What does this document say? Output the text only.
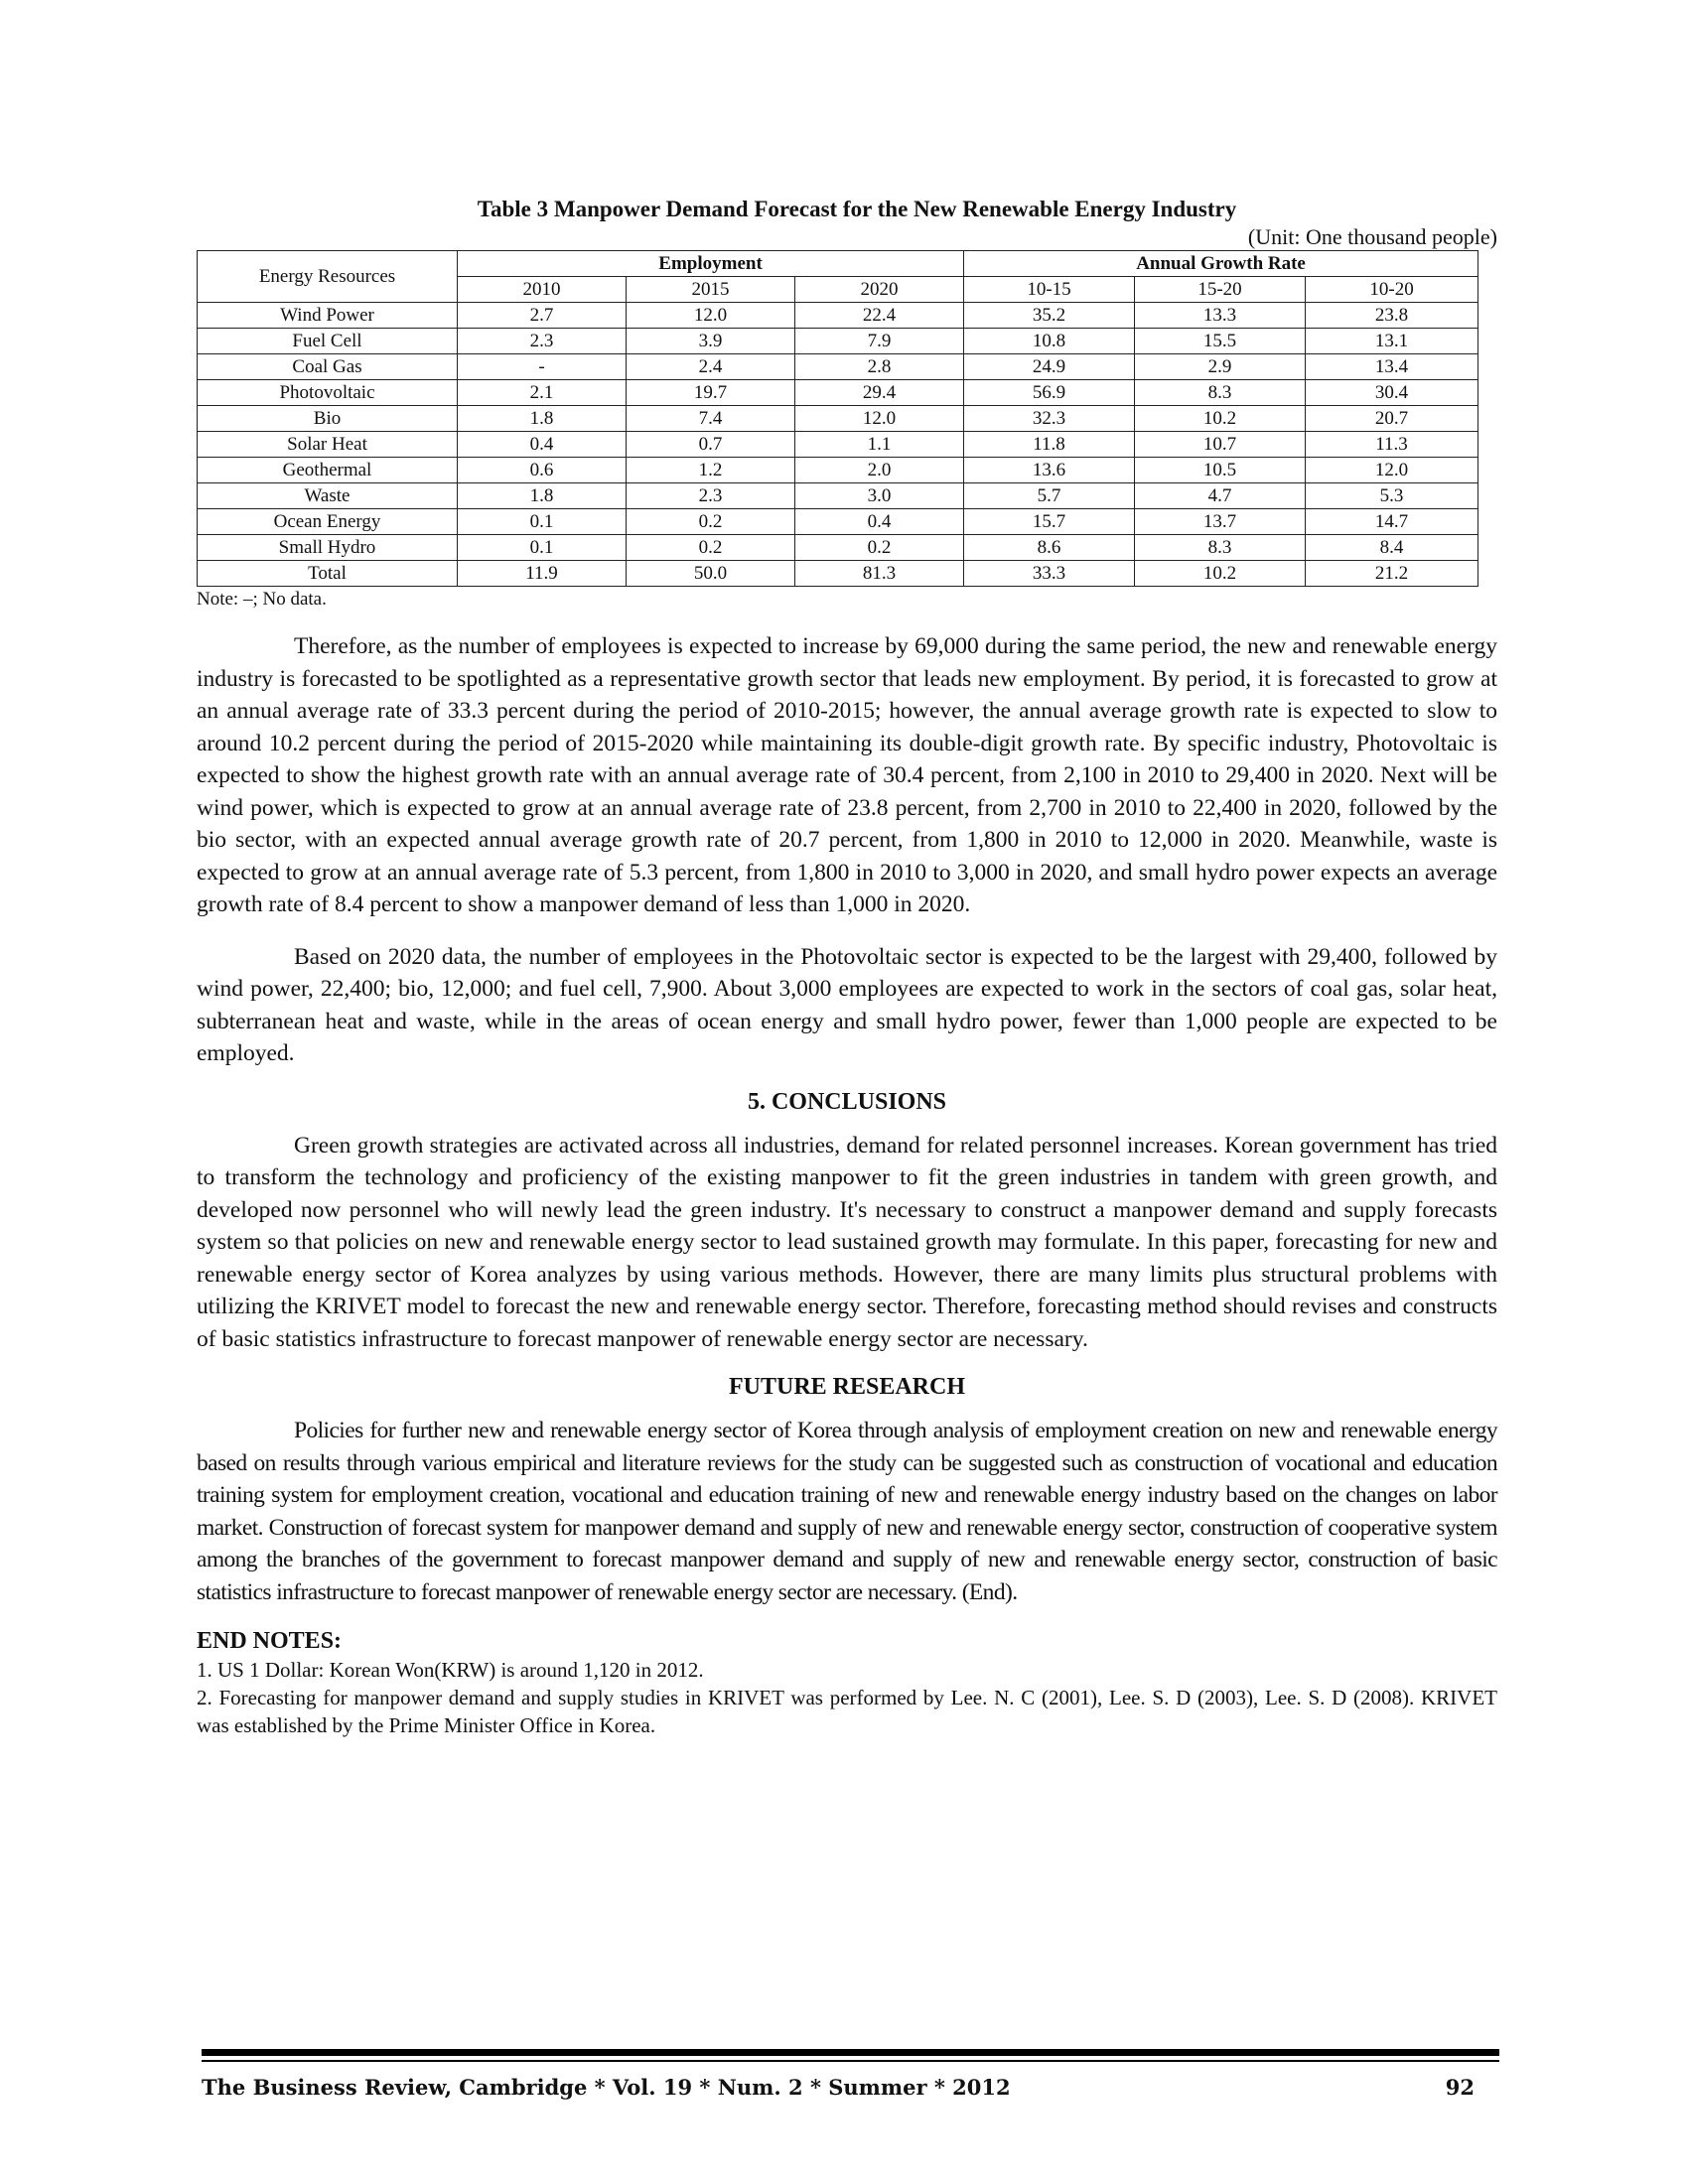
Table 3 Manpower Demand Forecast for the New Renewable Energy Industry

(Unit: One thousand people)

Energy Resources	Employment			Annual Growth Rate		
	2010	2015	2020	10-15	15-20	10-20
Wind Power	2.7	12.0	22.4	35.2	13.3	23.8
Fuel Cell	2.3	3.9	7.9	10.8	15.5	13.1
Coal Gas	-	2.4	2.8	24.9	2.9	13.4
Photovoltaic	2.1	19.7	29.4	56.9	8.3	30.4
Bio	1.8	7.4	12.0	32.3	10.2	20.7
Solar Heat	0.4	0.7	1.1	11.8	10.7	11.3
Geothermal	0.6	1.2	2.0	13.6	10.5	12.0
Waste	1.8	2.3	3.0	5.7	4.7	5.3
Ocean Energy	0.1	0.2	0.4	15.7	13.7	14.7
Small Hydro	0.1	0.2	0.2	8.6	8.3	8.4
Total	11.9	50.0	81.3	33.3	10.2	21.2

Note: –; No data.

Therefore, as the number of employees is expected to increase by 69,000 during the same period, the new and renewable energy industry is forecasted to be spotlighted as a representative growth sector that leads new employment. By period, it is forecasted to grow at an annual average rate of 33.3 percent during the period of 2010-2015; however, the annual average growth rate is expected to slow to around 10.2 percent during the period of 2015-2020 while maintaining its double-digit growth rate. By specific industry, Photovoltaic is expected to show the highest growth rate with an annual average rate of 30.4 percent, from 2,100 in 2010 to 29,400 in 2020. Next will be wind power, which is expected to grow at an annual average rate of 23.8 percent, from 2,700 in 2010 to 22,400 in 2020, followed by the bio sector, with an expected annual average growth rate of 20.7 percent, from 1,800 in 2010 to 12,000 in 2020. Meanwhile, waste is expected to grow at an annual average rate of 5.3 percent, from 1,800 in 2010 to 3,000 in 2020, and small hydro power expects an average growth rate of 8.4 percent to show a manpower demand of less than 1,000 in 2020.

Based on 2020 data, the number of employees in the Photovoltaic sector is expected to be the largest with 29,400, followed by wind power, 22,400; bio, 12,000; and fuel cell, 7,900. About 3,000 employees are expected to work in the sectors of coal gas, solar heat, subterranean heat and waste, while in the areas of ocean energy and small hydro power, fewer than 1,000 people are expected to be employed.

5. CONCLUSIONS

Green growth strategies are activated across all industries, demand for related personnel increases. Korean government has tried to transform the technology and proficiency of the existing manpower to fit the green industries in tandem with green growth, and developed now personnel who will newly lead the green industry. It's necessary to construct a manpower demand and supply forecasts system so that policies on new and renewable energy sector to lead sustained growth may formulate. In this paper, forecasting for new and renewable energy sector of Korea analyzes by using various methods. However, there are many limits plus structural problems with utilizing the KRIVET model to forecast the new and renewable energy sector. Therefore, forecasting method should revises and constructs of basic statistics infrastructure to forecast manpower of renewable energy sector are necessary.

FUTURE RESEARCH

Policies for further new and renewable energy sector of Korea through analysis of employment creation on new and renewable energy based on results through various empirical and literature reviews for the study can be suggested such as construction of vocational and education training system for employment creation, vocational and education training of new and renewable energy industry based on the changes on labor market. Construction of forecast system for manpower demand and supply of new and renewable energy sector, construction of cooperative system among the branches of the government to forecast manpower demand and supply of new and renewable energy sector, construction of basic statistics infrastructure to forecast manpower of renewable energy sector are necessary. (End).

END NOTES:

1. US 1 Dollar: Korean Won(KRW) is around 1,120 in 2012.

2. Forecasting for manpower demand and supply studies in KRIVET was performed by Lee. N. C (2001), Lee. S. D (2003), Lee. S. D (2008). KRIVET was established by the Prime Minister Office in Korea.

The Business Review, Cambridge * Vol. 19 * Num. 2 * Summer * 2012	92
